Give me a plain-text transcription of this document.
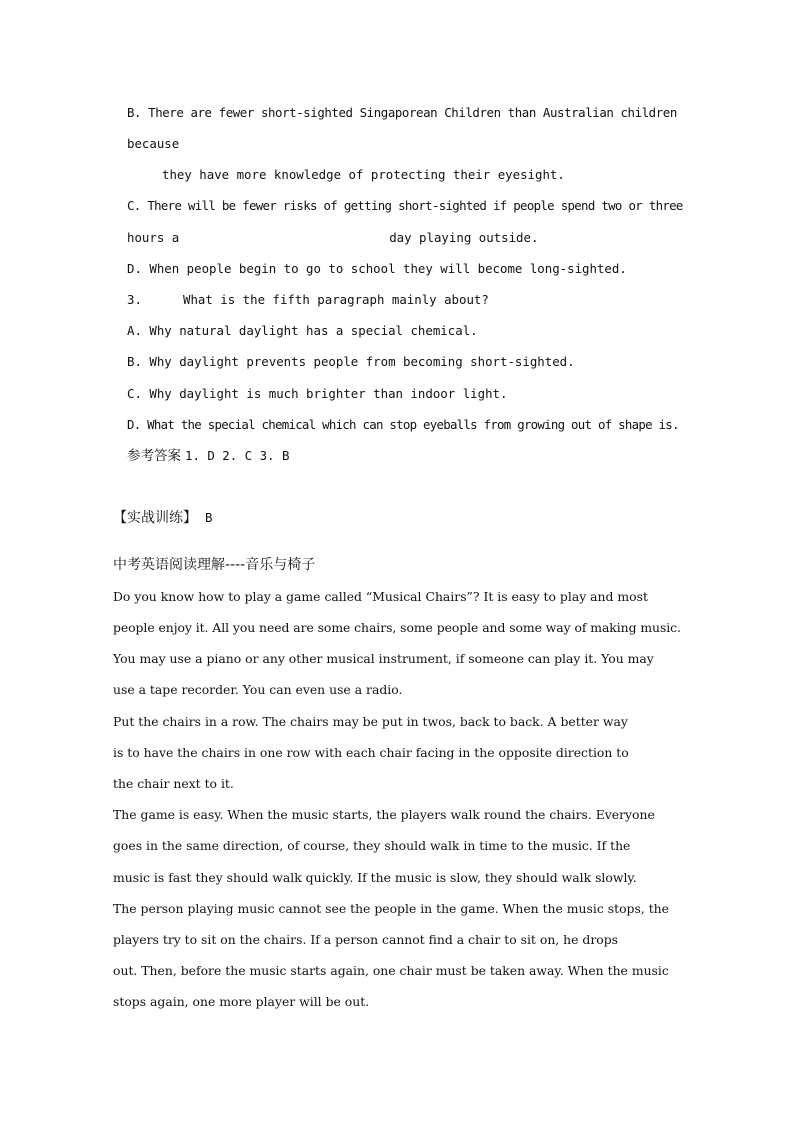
B. There are fewer short-sighted Singaporean Children than Australian children
because
they have more knowledge of protecting their eyesight.
C. There will be fewer risks of getting short-sighted if people spend two or three
hours a	day playing outside.
D. When people begin to go to school they will become long-sighted.
3.	What is the fifth paragraph mainly about?
A. Why natural daylight has a special chemical.
B. Why daylight prevents people from becoming short-sighted.
C. Why daylight is much brighter than indoor light.
D. What the special chemical which can stop eyeballs from growing out of shape is.
参考答案 1. D 2. C 3. B
【实战训练】 B
中考英语阅读理解----音乐与椅子
Do you know how to play a game called “Musical Chairs”? It is easy to play and most
people enjoy it. All you need are some chairs, some people and some way of making music.
You may use a piano or any other musical instrument, if someone can play it. You may
use a tape recorder. You can even use a radio.
Put the chairs in a row. The chairs may be put in twos, back to back. A better way
is to have the chairs in one row with each chair facing in the opposite direction to
the chair next to it.
The game is easy. When the music starts, the players walk round the chairs. Everyone
goes in the same direction, of course, they should walk in time to the music. If the
music is fast they should walk quickly. If the music is slow, they should walk slowly.
The person playing music cannot see the people in the game. When the music stops, the
players try to sit on the chairs. If a person cannot find a chair to sit on, he drops
out. Then, before the music starts again, one chair must be taken away. When the music
stops again, one more player will be out.
